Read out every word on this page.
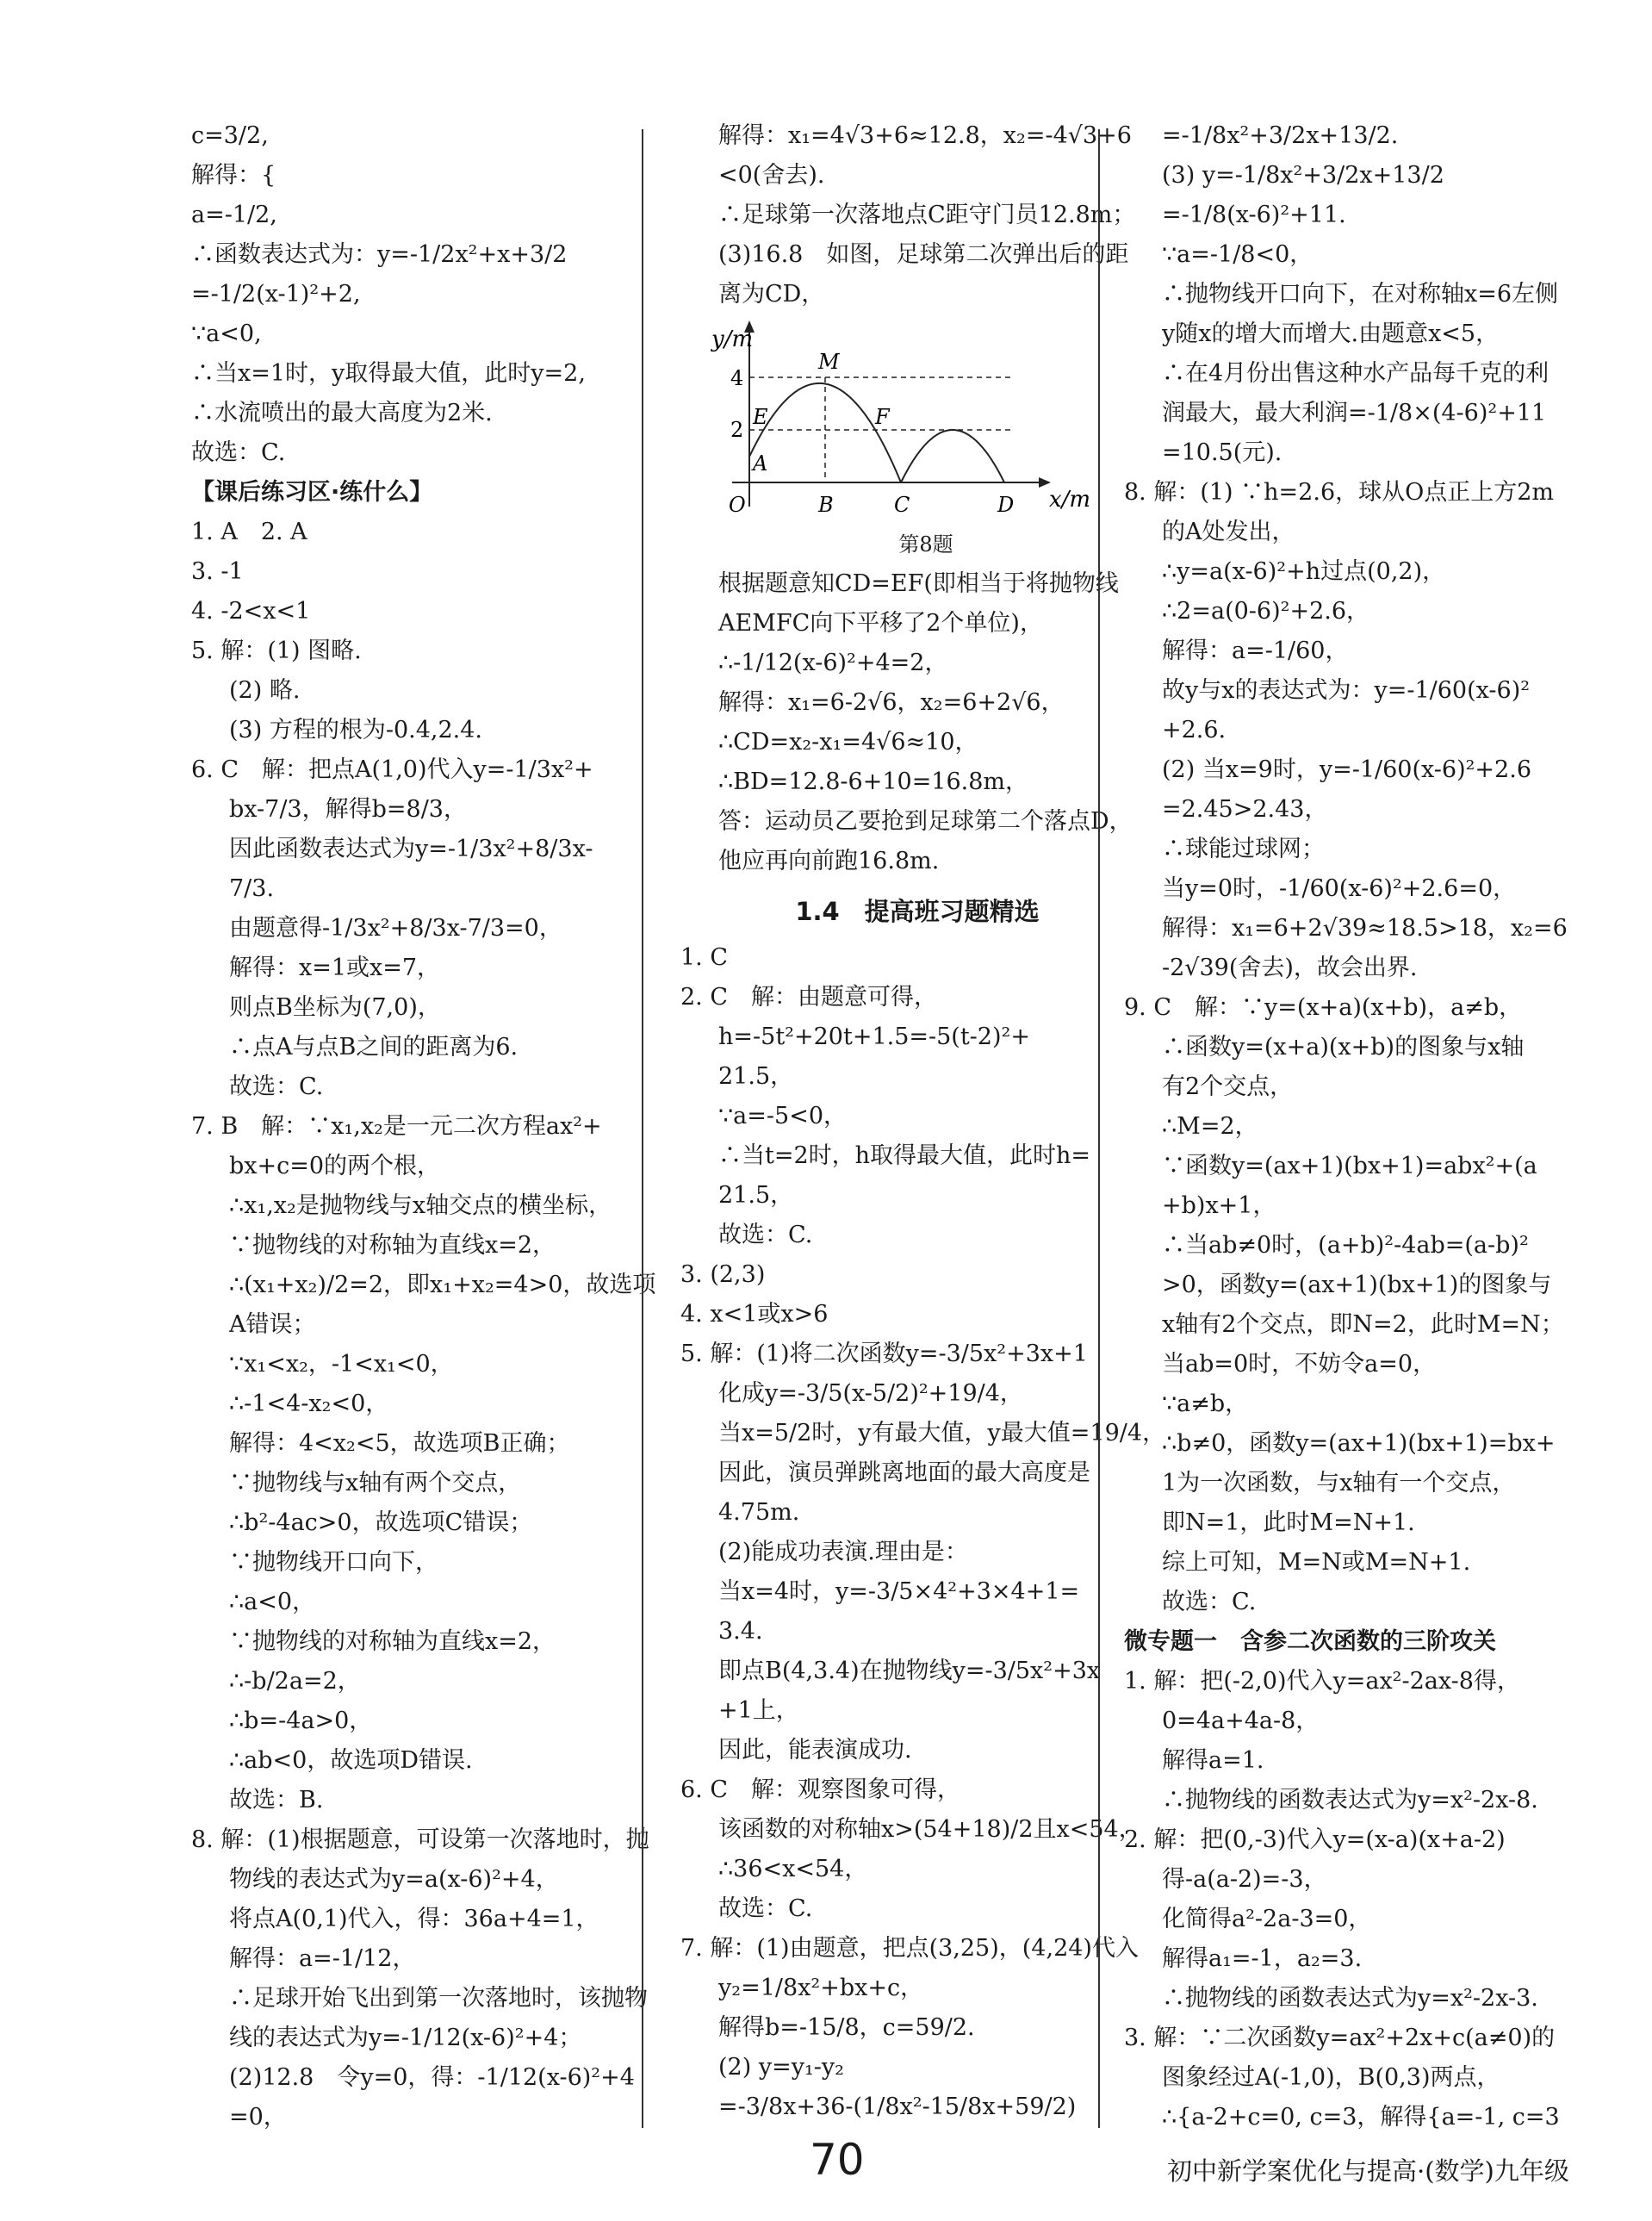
c=3/2,

解得：{

a=-1/2,

∴函数表达式为：y=-1/2x²+x+3/2

=-1/2(x-1)²+2,

∵a<0,

∴当x=1时，y取得最大值，此时y=2,

∴水流喷出的最大高度为2米.

故选：C.

【课后练习区·练什么】

1. A　2. A

3. -1

4. -2<x<1

5. 解：(1) 图略.

(2) 略.

(3) 方程的根为-0.4,2.4.

6. C　解：把点A(1,0)代入y=-1/3x²+

bx-7/3，解得b=8/3，

因此函数表达式为y=-1/3x²+8/3x-

7/3.

由题意得-1/3x²+8/3x-7/3=0，

解得：x=1或x=7，

则点B坐标为(7,0)，

∴点A与点B之间的距离为6.

故选：C.

7. B　解：∵x₁,x₂是一元二次方程ax²+

bx+c=0的两个根，

∴x₁,x₂是抛物线与x轴交点的横坐标，

∵抛物线的对称轴为直线x=2，

∴(x₁+x₂)/2=2，即x₁+x₂=4>0，故选项

A错误；

∵x₁<x₂，-1<x₁<0，

∴-1<4-x₂<0，

解得：4<x₂<5，故选项B正确；

∵抛物线与x轴有两个交点，

∴b²-4ac>0，故选项C错误；

∵抛物线开口向下，

∴a<0，

∵抛物线的对称轴为直线x=2，

∴-b/2a=2，

∴b=-4a>0，

∴ab<0，故选项D错误.

故选：B.

8. 解：(1)根据题意，可设第一次落地时，抛

物线的表达式为y=a(x-6)²+4，

将点A(0,1)代入，得：36a+4=1，

解得：a=-1/12，

∴足球开始飞出到第一次落地时，该抛物

线的表达式为y=-1/12(x-6)²+4；

(2)12.8　令y=0，得：-1/12(x-6)²+4

=0，

解得：x₁=4√3+6≈12.8，x₂=-4√3+6

<0(舍去).

∴足球第一次落地点C距守门员12.8m；

(3)16.8　如图，足球第二次弹出后的距

离为CD，

y/m
x/m
4
2
O
A
E
M
F
B	C	D

第8题

根据题意知CD=EF(即相当于将抛物线

AEMFC向下平移了2个单位)，

∴-1/12(x-6)²+4=2，

解得：x₁=6-2√6，x₂=6+2√6，

∴CD=x₂-x₁=4√6≈10，

∴BD=12.8-6+10=16.8m，

答：运动员乙要抢到足球第二个落点D，

他应再向前跑16.8m.

1.4　提高班习题精选

1. C

2. C　解：由题意可得，

h=-5t²+20t+1.5=-5(t-2)²+

21.5，

∵a=-5<0，

∴当t=2时，h取得最大值，此时h=

21.5，

故选：C.

3. (2,3)

4. x<1或x>6

5. 解：(1)将二次函数y=-3/5x²+3x+1

化成y=-3/5(x-5/2)²+19/4，

当x=5/2时，y有最大值，y最大值=19/4，

因此，演员弹跳离地面的最大高度是

4.75m.

(2)能成功表演.理由是：

当x=4时，y=-3/5×4²+3×4+1=

3.4.

即点B(4,3.4)在抛物线y=-3/5x²+3x

+1上，

因此，能表演成功.

6. C　解：观察图象可得，

该函数的对称轴x>(54+18)/2且x<54，

∴36<x<54，

故选：C.

7. 解：(1)由题意，把点(3,25)，(4,24)代入

y₂=1/8x²+bx+c，

解得b=-15/8，c=59/2.

(2) y=y₁-y₂

=-3/8x+36-(1/8x²-15/8x+59/2)

=-1/8x²+3/2x+13/2.

(3) y=-1/8x²+3/2x+13/2

=-1/8(x-6)²+11.

∵a=-1/8<0，

∴抛物线开口向下，在对称轴x=6左侧

y随x的增大而增大.由题意x<5，

∴在4月份出售这种水产品每千克的利

润最大，最大利润=-1/8×(4-6)²+11

=10.5(元).

8. 解：(1) ∵h=2.6，球从O点正上方2m

的A处发出，

∴y=a(x-6)²+h过点(0,2)，

∴2=a(0-6)²+2.6，

解得：a=-1/60，

故y与x的表达式为：y=-1/60(x-6)²

+2.6.

(2) 当x=9时，y=-1/60(x-6)²+2.6

=2.45>2.43，

∴球能过球网；

当y=0时，-1/60(x-6)²+2.6=0，

解得：x₁=6+2√39≈18.5>18，x₂=6

-2√39(舍去)，故会出界.

9. C　解：∵y=(x+a)(x+b)，a≠b，

∴函数y=(x+a)(x+b)的图象与x轴

有2个交点，

∴M=2，

∵函数y=(ax+1)(bx+1)=abx²+(a

+b)x+1，

∴当ab≠0时，(a+b)²-4ab=(a-b)²

>0，函数y=(ax+1)(bx+1)的图象与

x轴有2个交点，即N=2，此时M=N；

当ab=0时，不妨令a=0，

∵a≠b，

∴b≠0，函数y=(ax+1)(bx+1)=bx+

1为一次函数，与x轴有一个交点，

即N=1，此时M=N+1.

综上可知，M=N或M=N+1.

故选：C.

微专题一　含参二次函数的三阶攻关

1. 解：把(-2,0)代入y=ax²-2ax-8得，

0=4a+4a-8，

解得a=1.

∴抛物线的函数表达式为y=x²-2x-8.

2. 解：把(0,-3)代入y=(x-a)(x+a-2)

得-a(a-2)=-3，

化简得a²-2a-3=0，

解得a₁=-1，a₂=3.

∴抛物线的函数表达式为y=x²-2x-3.

3. 解：∵二次函数y=ax²+2x+c(a≠0)的

图象经过A(-1,0)，B(0,3)两点，

∴{a-2+c=0, c=3，解得{a=-1, c=3

70	初中新学案优化与提高·(数学)九年级
